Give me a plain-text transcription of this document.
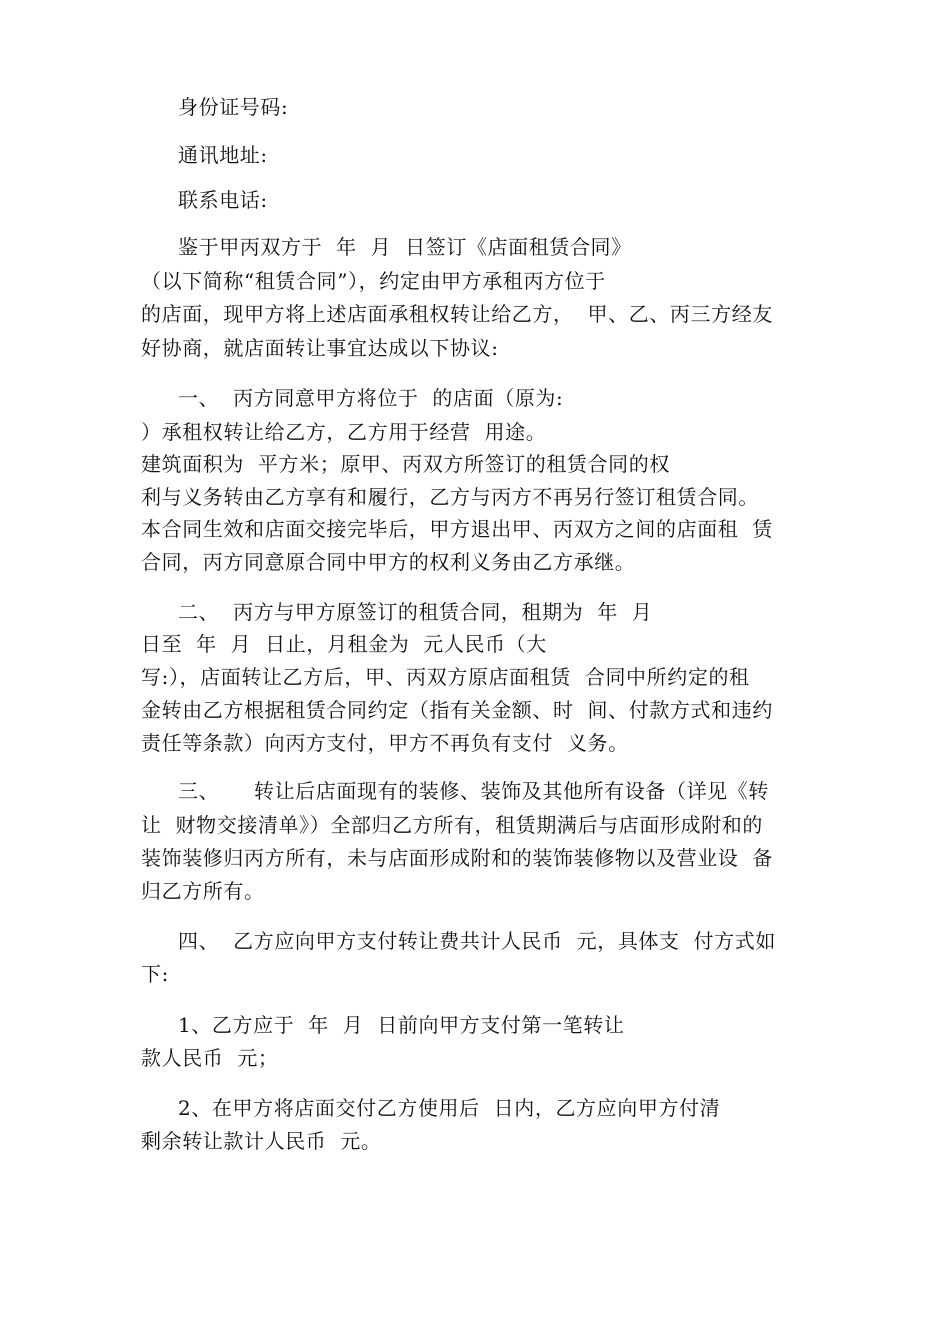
身份证号码:
通讯地址:
联系电话:
鉴于甲丙双方于  年  月  日签订《店面租赁合同》
（以下简称“租赁合同”），约定由甲方承租丙方位于
的店面，现甲方将上述店面承租权转让给乙方，  甲、乙、丙三方经友
好协商，就店面转让事宜达成以下协议:
一、  丙方同意甲方将位于  的店面（原为:
）承租权转让给乙方，乙方用于经营  用途。
建筑面积为  平方米；原甲、丙双方所签订的租赁合同的权
利与义务转由乙方享有和履行，乙方与丙方不再另行签订租赁合同。
本合同生效和店面交接完毕后，甲方退出甲、丙双方之间的店面租  赁
合同，丙方同意原合同中甲方的权利义务由乙方承继。
二、  丙方与甲方原签订的租赁合同，租期为  年  月
日至  年  月  日止，月租金为  元人民币（大
写:），店面转让乙方后，甲、丙双方原店面租赁  合同中所约定的租
金转由乙方根据租赁合同约定（指有关金额、时  间、付款方式和违约
责任等条款）向丙方支付，甲方不再负有支付  义务。
三、     转让后店面现有的装修、装饰及其他所有设备（详见《转
让  财物交接清单》）全部归乙方所有，租赁期满后与店面形成附和的
装饰装修归丙方所有，未与店面形成附和的装饰装修物以及营业设  备
归乙方所有。
四、  乙方应向甲方支付转让费共计人民币  元，具体支  付方式如
下:
1、乙方应于  年  月  日前向甲方支付第一笔转让
款人民币  元；
2、在甲方将店面交付乙方使用后  日内，乙方应向甲方付清
剩余转让款计人民币  元。
